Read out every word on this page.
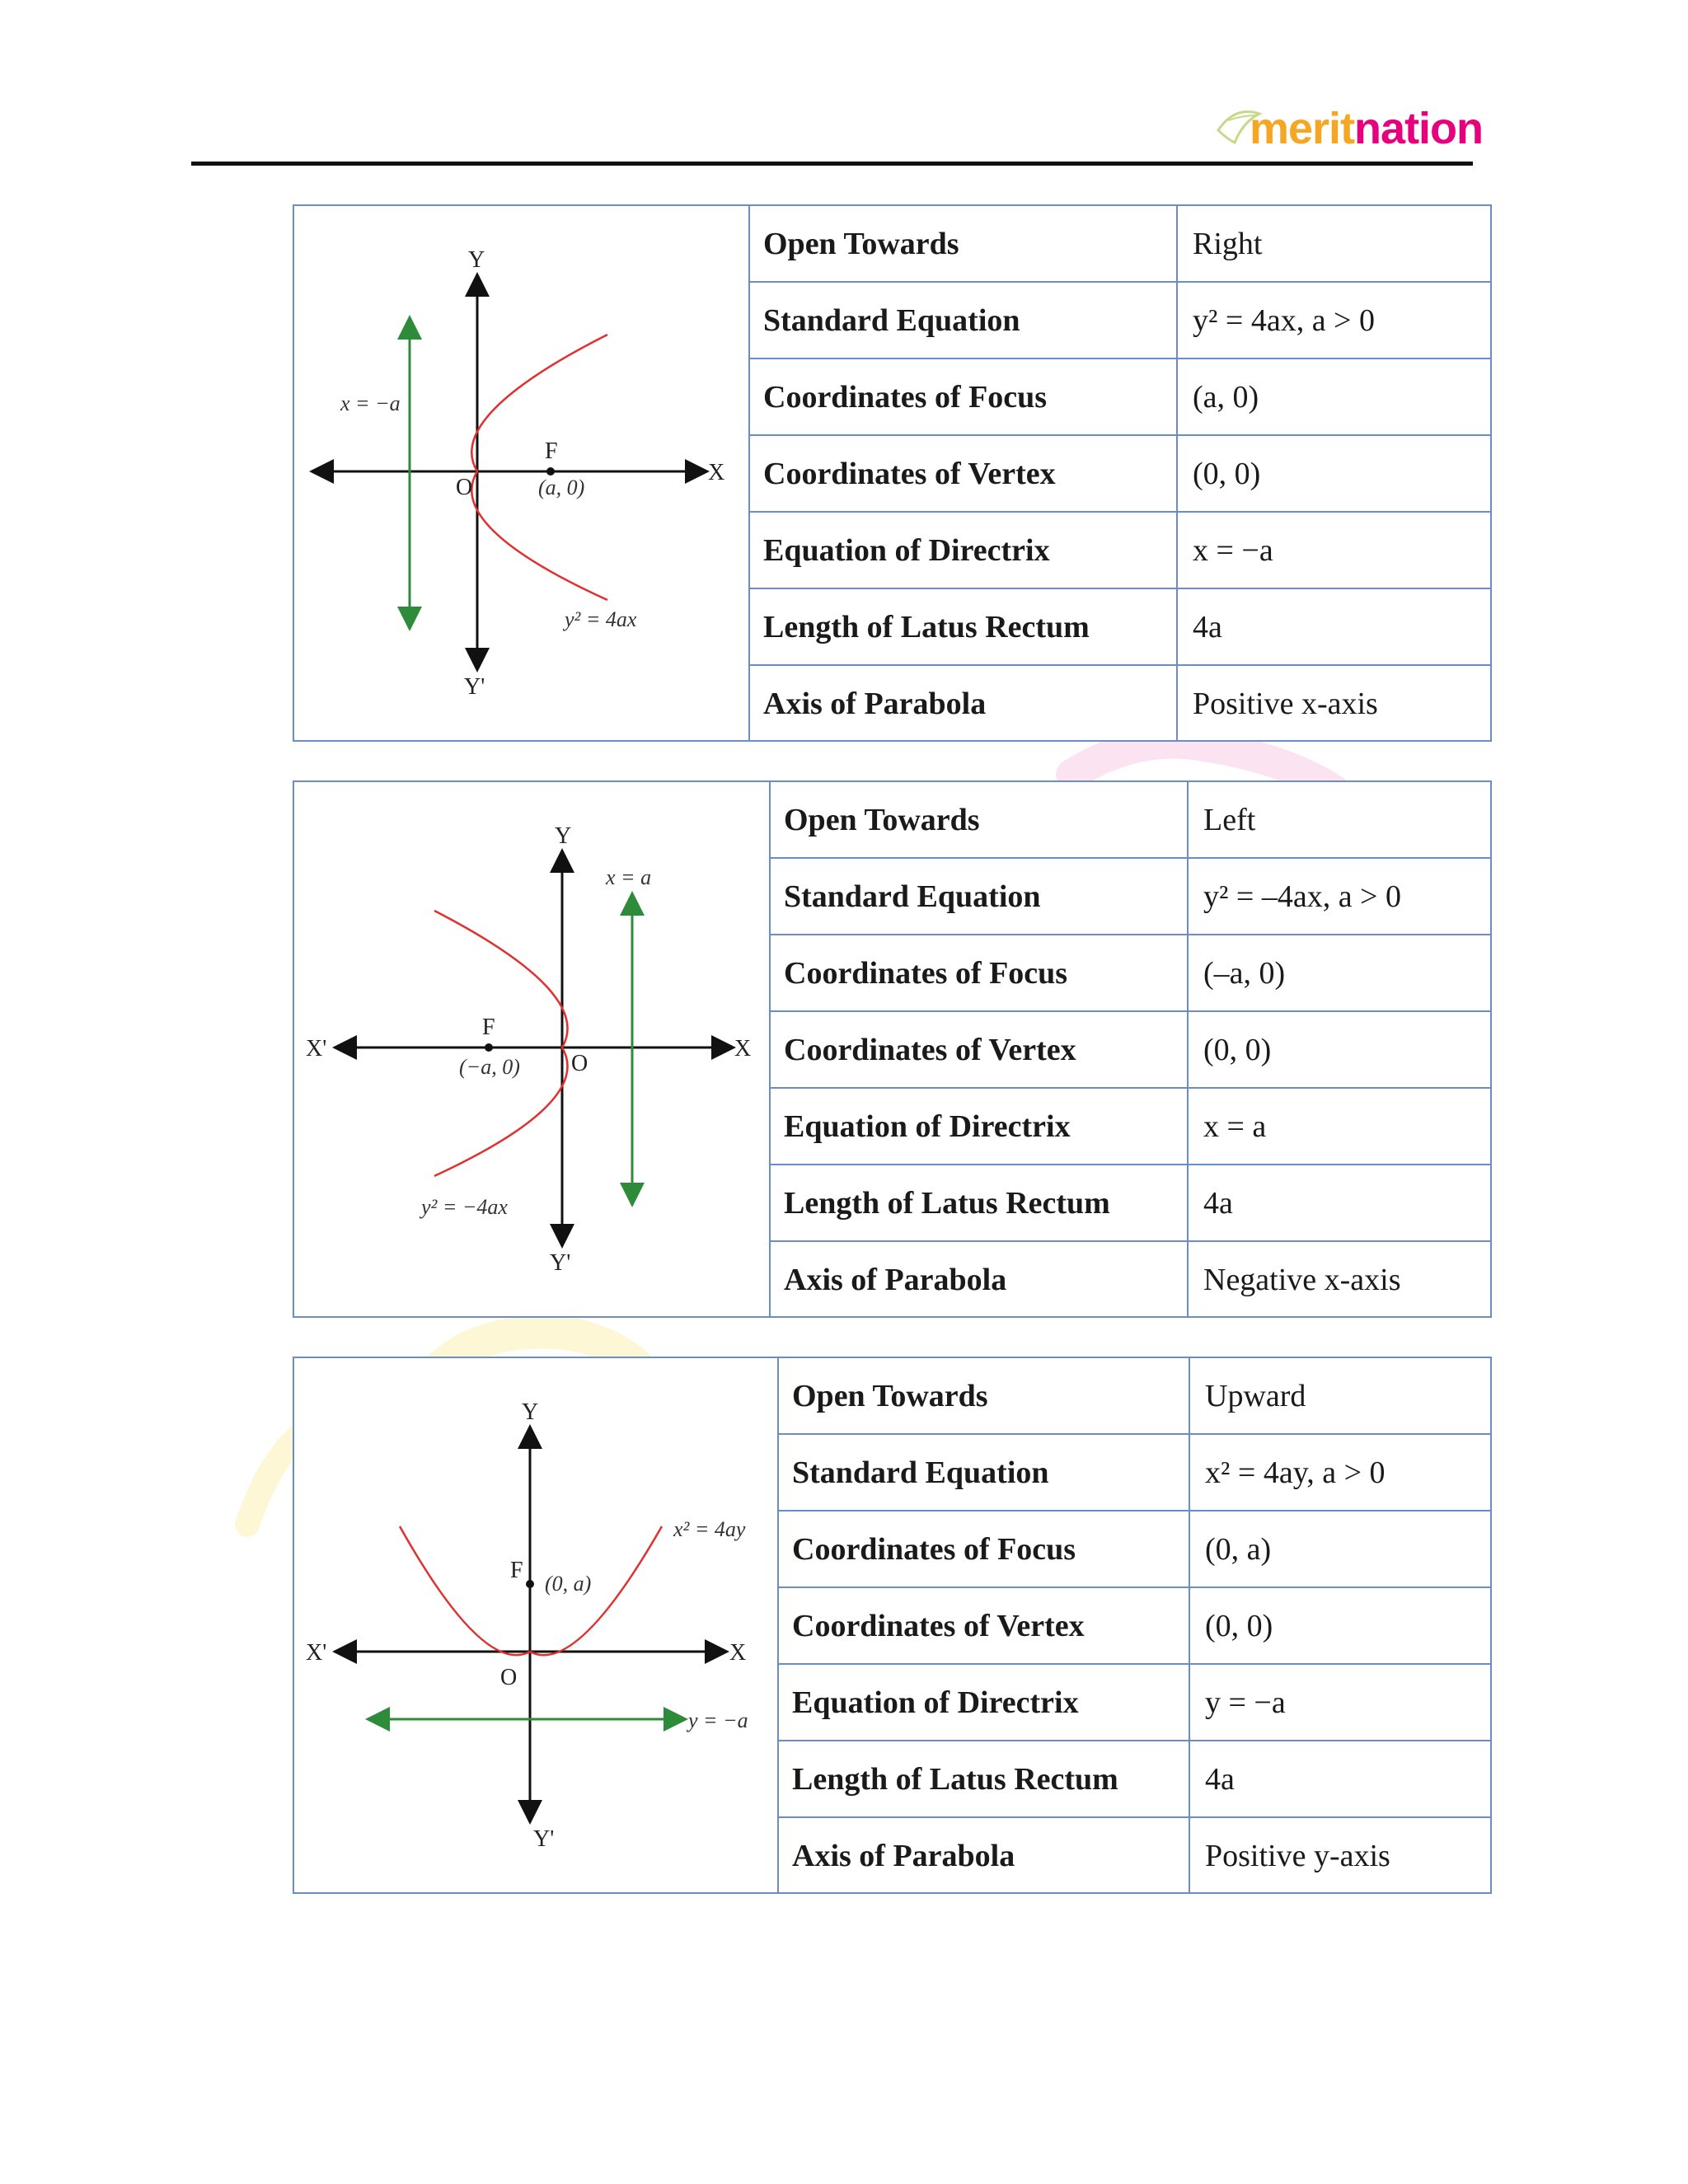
meritnation
Y
Y'
X
O
F
(a, 0)
x = −a
y² = 4ax
Open Towards	Right
Standard Equation	y² = 4ax, a > 0
Coordinates of Focus	(a, 0)
Coordinates of Vertex	(0, 0)
Equation of Directrix	x = −a
Length of Latus Rectum	4a
Axis of Parabola	Positive x-axis
Y
Y'
X'	X
O
F
(−a, 0)
x = a
y² = −4ax
Open Towards	Left
Standard Equation	y² = –4ax, a > 0
Coordinates of Focus	(–a, 0)
Coordinates of Vertex	(0, 0)
Equation of Directrix	x = a
Length of Latus Rectum	4a
Axis of Parabola	Negative x-axis
Y
Y'
X'	X
O
F
(0, a)
y = −a
x² = 4ay
Open Towards	Upward
Standard Equation	x² = 4ay, a > 0
Coordinates of Focus	(0, a)
Coordinates of Vertex	(0, 0)
Equation of Directrix	y = −a
Length of Latus Rectum	4a
Axis of Parabola	Positive y-axis
